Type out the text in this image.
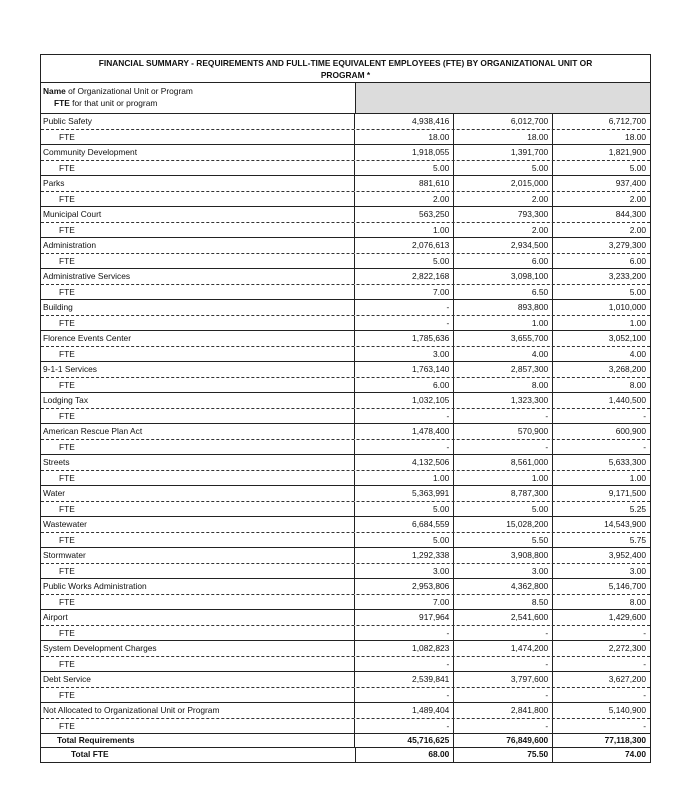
FINANCIAL SUMMARY - REQUIREMENTS AND FULL-TIME EQUIVALENT EMPLOYEES (FTE) BY ORGANIZATIONAL UNIT OR
PROGRAM *
Name of Organizational Unit or Program
FTE for that unit or program
Public Safety	4,938,416	6,012,700	6,712,700
FTE	18.00	18.00	18.00
Community Development	1,918,055	1,391,700	1,821,900
FTE	5.00	5.00	5.00
Parks	881,610	2,015,000	937,400
FTE	2.00	2.00	2.00
Municipal Court	563,250	793,300	844,300
FTE	1.00	2.00	2.00
Administration	2,076,613	2,934,500	3,279,300
FTE	5.00	6.00	6.00
Administrative Services	2,822,168	3,098,100	3,233,200
FTE	7.00	6.50	5.00
Building	-	893,800	1,010,000
FTE	-	1.00	1.00
Florence Events Center	1,785,636	3,655,700	3,052,100
FTE	3.00	4.00	4.00
9-1-1 Services	1,763,140	2,857,300	3,268,200
FTE	6.00	8.00	8.00
Lodging Tax	1,032,105	1,323,300	1,440,500
FTE	-	-	-
American Rescue Plan Act	1,478,400	570,900	600,900
FTE	-	-	-
Streets	4,132,506	8,561,000	5,633,300
FTE	1.00	1.00	1.00
Water	5,363,991	8,787,300	9,171,500
FTE	5.00	5.00	5.25
Wastewater	6,684,559	15,028,200	14,543,900
FTE	5.00	5.50	5.75
Stormwater	1,292,338	3,908,800	3,952,400
FTE	3.00	3.00	3.00
Public Works Administration	2,953,806	4,362,800	5,146,700
FTE	7.00	8.50	8.00
Airport	917,964	2,541,600	1,429,600
FTE	-	-	-
System Development Charges	1,082,823	1,474,200	2,272,300
FTE	-	-	-
Debt Service	2,539,841	3,797,600	3,627,200
FTE	-	-	-
Not Allocated to Organizational Unit or Program	1,489,404	2,841,800	5,140,900
FTE	-	-	-
Total Requirements	45,716,625	76,849,600	77,118,300
Total FTE	68.00	75.50	74.00
